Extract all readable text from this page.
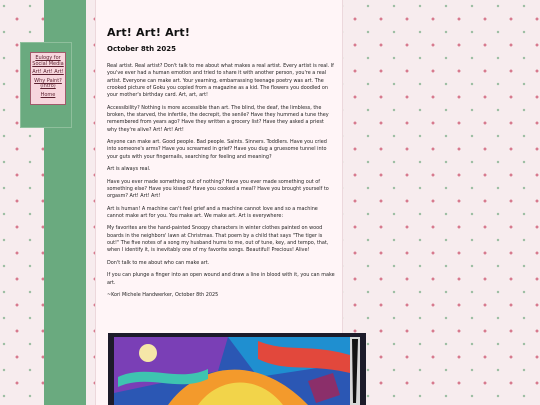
Eulogy for Social Media
Art! Art! Art!
Why Paint? (Intro)
Home
Art! Art! Art!
October 8th 2025

Real artist. Real artist? Don't talk to me about what makes a real artist. Every artist is real. If you've ever had a human emotion and tried to share it with another person, you're a real artist. Everyone can make art. Your yearning, embarrassing teenage poetry was art. The crooked picture of Goku you copied from a magazine as a kid. The flowers you doodled on your mother's birthday card. Art, art, art!

Accessibility? Nothing is more accessible than art. The blind, the deaf, the limbless, the broken, the starved, the infertile, the decrepit, the senile? Have they hummed a tune they remembered from years ago? Have they written a grocery list? Have they asked a priest why they're alive? Art! Art! Art!

Anyone can make art. Good people. Bad people. Saints. Sinners. Toddlers. Have you cried into someone's arms? Have you screamed in grief? Have you dug a gruesome tunnel into your guts with your fingernails, searching for feeling and meaning?

Art is always real.

Have you ever made something out of nothing? Have you ever made something out of something else? Have you kissed? Have you cooked a meal? Have you brought yourself to orgasm? Art! Art! Art!

Art is human! A machine can't feel grief and a machine cannot love and so a machine cannot make art for you. You make art. We make art. Art is everywhere:

My favorites are the hand-painted Snoopy characters in winter clothes painted on wood boards in the neighbors' lawn at Christmas. That poem by a child that says "The tiger is out!" The five notes of a song my husband hums to me, out of tune, key, and tempo, that, when I identify it, is inevitably one of my favorite songs. Beautiful! Precious! Alive!

Don't talk to me about who can make art.

If you can plunge a finger into an open wound and draw a line in blood with it, you can make art.

~Kori Michele Handwerker, October 8th 2025
